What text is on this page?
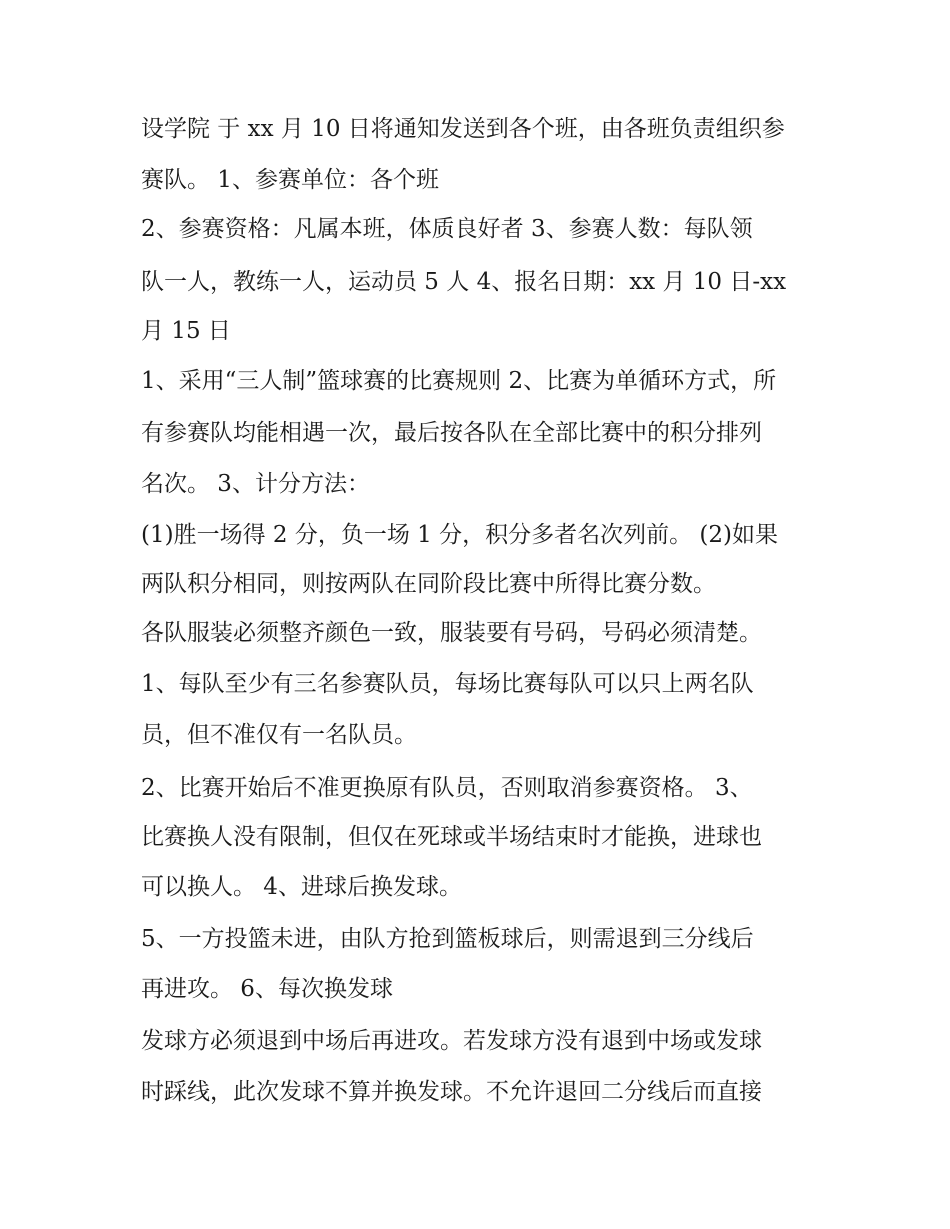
设学院 于 xx 月 10 日将通知发送到各个班，由各班负责组织参
赛队。 1、参赛单位：各个班
2、参赛资格：凡属本班，体质良好者 3、参赛人数：每队领
队一人，教练一人，运动员 5 人 4、报名日期：xx 月 10 日-xx
月 15 日
1、采用“三人制”篮球赛的比赛规则 2、比赛为单循环方式，所
有参赛队均能相遇一次，最后按各队在全部比赛中的积分排列
名次。 3、计分方法：
(1)胜一场得 2 分，负一场 1 分，积分多者名次列前。 (2)如果
两队积分相同，则按两队在同阶段比赛中所得比赛分数。
各队服装必须整齐颜色一致，服装要有号码，号码必须清楚。
1、每队至少有三名参赛队员，每场比赛每队可以只上两名队
员，但不准仅有一名队员。
2、比赛开始后不准更换原有队员，否则取消参赛资格。 3、
比赛换人没有限制，但仅在死球或半场结束时才能换，进球也
可以换人。 4、进球后换发球。
5、一方投篮未进，由队方抢到篮板球后，则需退到三分线后
再进攻。 6、每次换发球
发球方必须退到中场后再进攻。若发球方没有退到中场或发球
时踩线，此次发球不算并换发球。不允许退回二分线后而直接
